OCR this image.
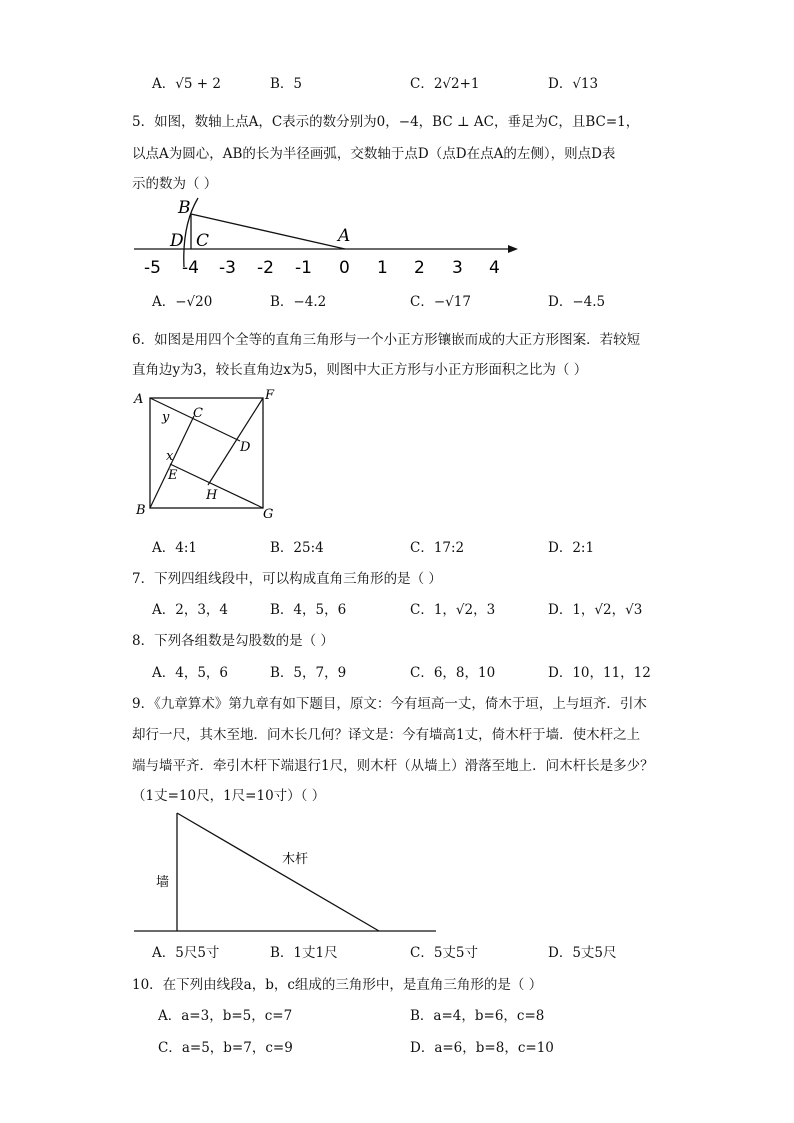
A．√5 + 2	B．5	C．2√2+1	D．√13
5．如图，数轴上点A，C表示的数分别为0，−4，BC ⊥ AC，垂足为C，且BC=1，
以点A为圆心，AB的长为半径画弧，交数轴于点D（点D在点A的左侧），则点D表
示的数为（ ）
B
D C	A
-5 -4 -3 -2 -1 0 1 2 3 4
A．−√20	B．−4.2	C．−√17	D．−4.5
6．如图是用四个全等的直角三角形与一个小正方形镶嵌而成的大正方形图案．若较短
直角边y为3，较长直角边x为5，则图中大正方形与小正方形面积之比为（ ）
A	F
y C
D
x
E
H
B	G
A．4:1	B．25:4	C．17:2	D．2:1
7．下列四组线段中，可以构成直角三角形的是（ ）
A．2，3，4	B．4，5，6	C．1，√2，3	D．1，√2，√3
8．下列各组数是勾股数的是（ ）
A．4，5，6	B．5，7，9	C．6，8，10	D．10，11，12
9．《九章算术》第九章有如下题目，原文：今有垣高一丈，倚木于垣，上与垣齐．引木
却行一尺，其木至地．问木长几何？译文是：今有墙高1丈，倚木杆于墙．使木杆之上
端与墙平齐．牵引木杆下端退行1尺，则木杆（从墙上）滑落至地上．问木杆长是多少？
（1丈=10尺，1尺=10寸）（ ）
墙
木杆
A．5尺5寸	B．1丈1尺	C．5丈5寸	D．5丈5尺
10．在下列由线段a，b，c组成的三角形中，是直角三角形的是（ ）
A．a=3，b=5，c=7	B．a=4，b=6，c=8
C．a=5，b=7，c=9	D．a=6，b=8，c=10
